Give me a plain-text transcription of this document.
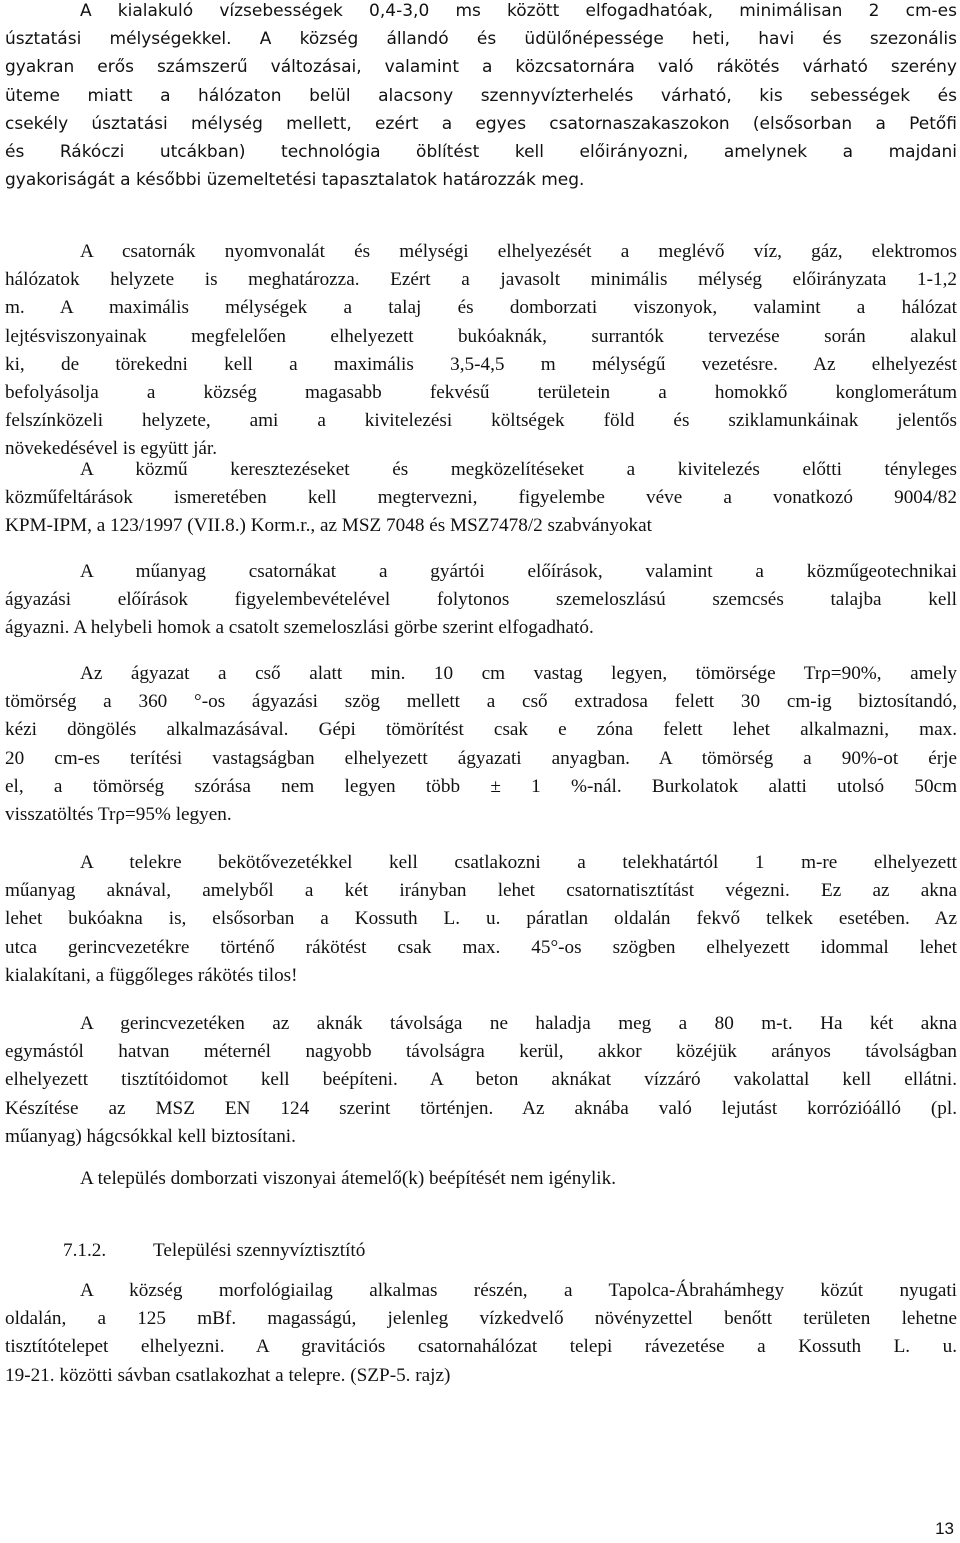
A kialakuló vízsebességek 0,4-3,0 ms között elfogadhatóak, minimálisan 2 cm-es
úsztatási mélységekkel. A község állandó és üdülőnépessége heti, havi és szezonális
gyakran erős számszerű változásai, valamint a közcsatornára való rákötés várható szerény
üteme miatt a hálózaton belül alacsony szennyvízterhelés várható, kis sebességek és
csekély úsztatási mélység mellett, ezért a egyes csatornaszakaszokon (elsősorban a Petőfi
és Rákóczi utcákban) technológia öblítést kell előirányozni, amelynek a majdani
gyakoriságát a későbbi üzemeltetési tapasztalatok határozzák meg.
A csatornák nyomvonalát és mélységi elhelyezését a meglévő víz, gáz, elektromos
hálózatok helyzete is meghatározza. Ezért a javasolt minimális mélység előirányzata 1-1,2
m. A maximális mélységek a talaj és domborzati viszonyok, valamint a hálózat
lejtésviszonyainak megfelelően elhelyezett bukóaknák, surrantók tervezése során alakul
ki, de törekedni kell a maximális 3,5-4,5 m mélységű vezetésre. Az elhelyezést
befolyásolja a község magasabb fekvésű területein a homokkő konglomerátum
felszínközeli helyzete, ami a kivitelezési költségek föld és sziklamunkáinak jelentős
növekedésével is együtt jár.
A közmű keresztezéseket és megközelítéseket a kivitelezés előtti tényleges
közműfeltárások ismeretében kell megtervezni, figyelembe véve a vonatkozó 9004/82
KPM-IPM, a 123/1997 (VII.8.) Korm.r., az MSZ 7048 és MSZ7478/2 szabványokat
A műanyag csatornákat a gyártói előírások, valamint a közműgeotechnikai
ágyazási előírások figyelembevételével folytonos szemeloszlású szemcsés talajba kell
ágyazni. A helybeli homok a csatolt szemeloszlási görbe szerint elfogadható.
Az ágyazat a cső alatt min. 10 cm vastag legyen, tömörsége Trρ=90%, amely
tömörség a 360 °-os ágyazási szög mellett a cső extradosa felett 30 cm-ig biztosítandó,
kézi döngölés alkalmazásával. Gépi tömörítést csak e zóna felett lehet alkalmazni, max.
20 cm-es terítési vastagságban elhelyezett ágyazati anyagban. A tömörség a 90%-ot érje
el, a tömörség szórása nem legyen több ± 1 %-nál. Burkolatok alatti utolsó 50cm
visszatöltés Trρ=95% legyen.
A telekre bekötővezetékkel kell csatlakozni a telekhatártól 1 m-re elhelyezett
műanyag aknával, amelyből a két irányban lehet csatornatisztítást végezni. Ez az akna
lehet bukóakna is, elsősorban a Kossuth L. u. páratlan oldalán fekvő telkek esetében. Az
utca gerincvezetékre történő rákötést csak max. 45°-os szögben elhelyezett idommal lehet
kialakítani, a függőleges rákötés tilos!
A gerincvezetéken az aknák távolsága ne haladja meg a 80 m-t. Ha két akna
egymástól hatvan méternél nagyobb távolságra kerül, akkor közéjük arányos távolságban
elhelyezett tisztítóidomot kell beépíteni. A beton aknákat vízzáró vakolattal kell ellátni.
Készítése az MSZ EN 124 szerint történjen. Az aknába való lejutást korrózióálló (pl.
műanyag) hágcsókkal kell biztosítani.
A település domborzati viszonyai átemelő(k) beépítését nem igénylik.
7.1.2. Települési szennyvíztisztító
A község morfológiailag alkalmas részén, a Tapolca-Ábrahámhegy közút nyugati
oldalán, a 125 mBf. magasságú, jelenleg vízkedvelő növényzettel benőtt területen lehetne
tisztítótelepet elhelyezni. A gravitációs csatornahálózat telepi rávezetése a Kossuth L. u.
19-21. közötti sávban csatlakozhat a telepre. (SZP-5. rajz)
13
